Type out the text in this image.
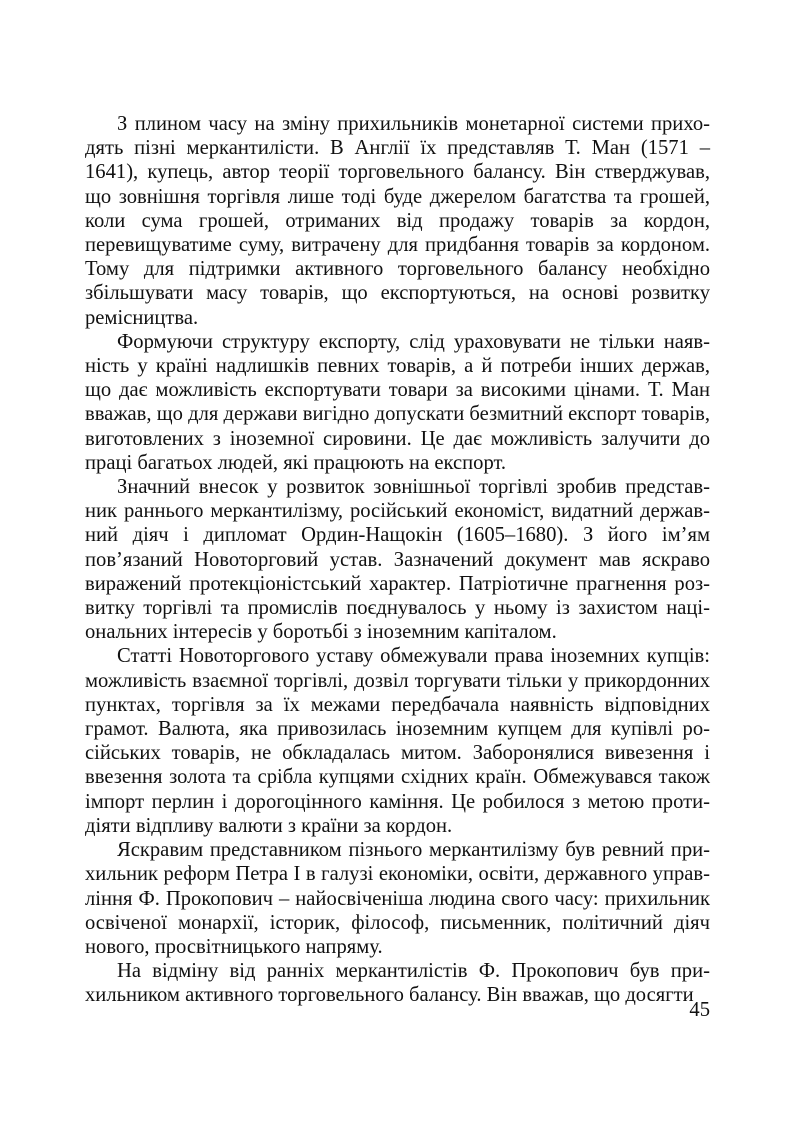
З плином часу на зміну прихильників монетарної системи приходять пізні меркантилісти. В Англії їх представляв Т. Ман (1571 – 1641), купець, автор теорії торговельного балансу. Він стверджував, що зовнішня торгівля лише тоді буде джерелом багатства та грошей, коли сума грошей, отриманих від продажу товарів за кордон, перевищуватиме суму, витрачену для придбання товарів за кордоном. Тому для підтримки активного торговельного балансу необхідно збільшувати масу товарів, що експортуються, на основі розвитку ремісництва.

Формуючи структуру експорту, слід ураховувати не тільки наявність у країні надлишків певних товарів, а й потреби інших держав, що дає можливість експортувати товари за високими цінами. Т. Ман вважав, що для держави вигідно допускати безмитний експорт товарів, виготовлених з іноземної сировини. Це дає можливість залучити до праці багатьох людей, які працюють на експорт.

Значний внесок у розвиток зовнішньої торгівлі зробив представник раннього меркантилізму, російський економіст, видатний державний діяч і дипломат Ордин-Нащокін (1605–1680). З його ім’ям пов’язаний Новоторговий устав. Зазначений документ мав яскраво виражений протекціоністський характер. Патріотичне прагнення розвитку торгівлі та промислів поєднувалось у ньому із захистом національних інтересів у боротьбі з іноземним капіталом.

Статті Новоторгового уставу обмежували права іноземних купців: можливість взаємної торгівлі, дозвіл торгувати тільки у прикордонних пунктах, торгівля за їх межами передбачала наявність відповідних грамот. Валюта, яка привозилась іноземним купцем для купівлі російських товарів, не обкладалась митом. Заборонялися вивезення і ввезення золота та срібла купцями східних країн. Обмежувався також імпорт перлин і дорогоцінного каміння. Це робилося з метою протидіяти відпливу валюти з країни за кордон.

Яскравим представником пізнього меркантилізму був ревний прихильник реформ Петра І в галузі економіки, освіти, державного управління Ф. Прокопович – найосвіченіша людина свого часу: прихильник освіченої монархії, історик, філософ, письменник, політичний діяч нового, просвітницького напряму.

На відміну від ранніх меркантилістів Ф. Прокопович був прихильником активного торговельного балансу. Він вважав, що досягти

45
